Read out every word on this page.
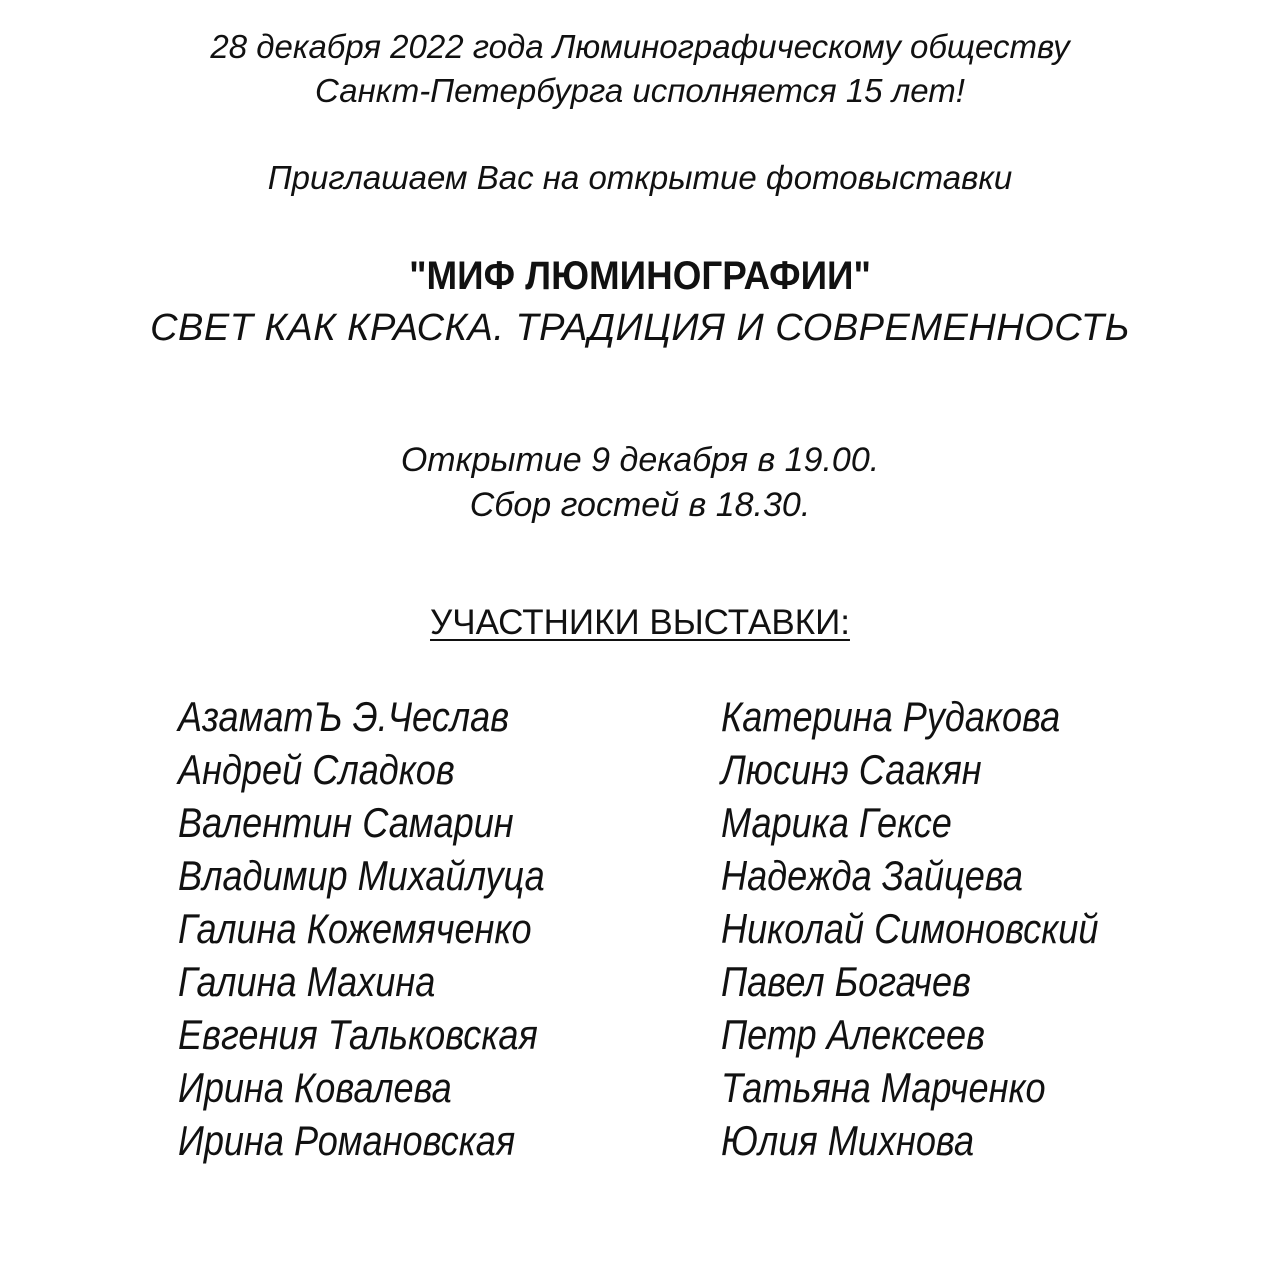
28 декабря 2022 года Люминографическому обществу
Санкт-Петербурга исполняется 15 лет!
Приглашаем Вас на открытие фотовыставки
"МИФ ЛЮМИНОГРАФИИ"
СВЕТ КАК КРАСКА. ТРАДИЦИЯ И СОВРЕМЕННОСТЬ
Открытие 9 декабря в 19.00.
Сбор гостей в 18.30.
УЧАСТНИКИ ВЫСТАВКИ:
АзаматЪ Э.Чеслав
Андрей Сладков
Валентин Самарин
Владимир Михайлуца
Галина Кожемяченко
Галина Махина
Евгения Тальковская
Ирина Ковалева
Ирина Романовская
Катерина Рудакова
Люсинэ Саакян
Марика Гексе
Надежда Зайцева
Николай Симоновский
Павел Богачев
Петр Алексеев
Татьяна Марченко
Юлия Михнова
